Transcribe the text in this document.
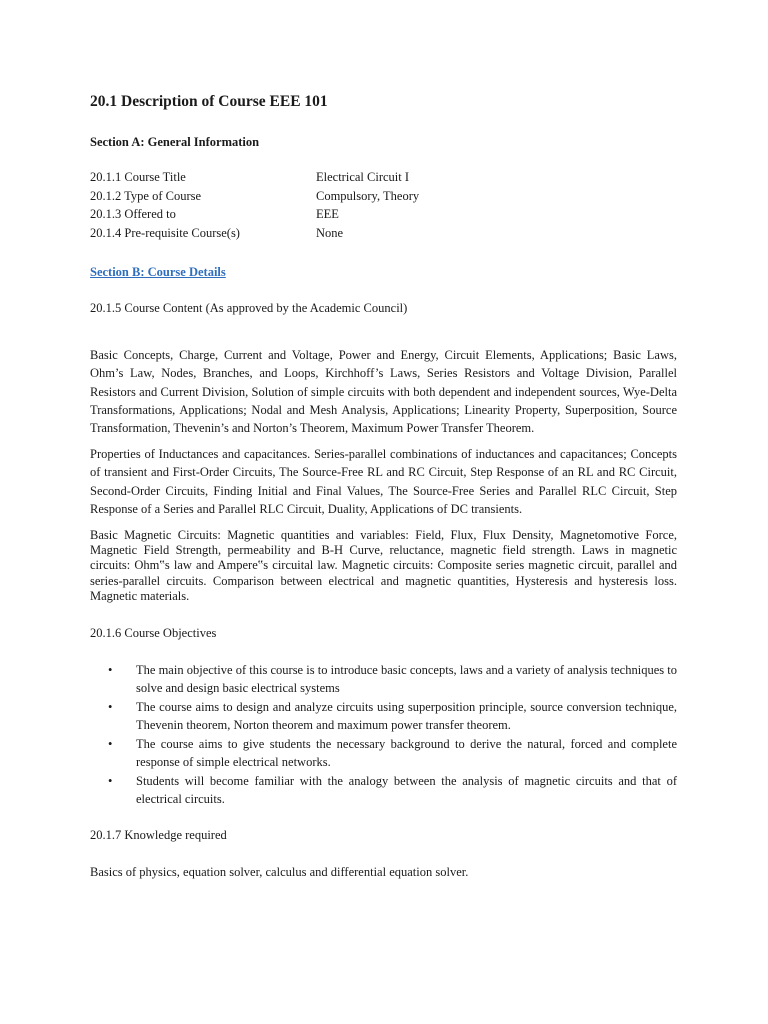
20.1 Description of Course EEE 101
Section A: General Information
20.1.1 Course Title	Electrical Circuit I
20.1.2 Type of Course	Compulsory, Theory
20.1.3 Offered to	EEE
20.1.4 Pre-requisite Course(s)	None
Section B: Course Details

20.1.5 Course Content (As approved by the Academic Council)

Basic Concepts, Charge, Current and Voltage, Power and Energy, Circuit Elements, Applications; Basic Laws, Ohm’s Law, Nodes, Branches, and Loops, Kirchhoff’s Laws, Series Resistors and Voltage Division, Parallel Resistors and Current Division, Solution of simple circuits with both dependent and independent sources, Wye-Delta Transformations, Applications; Nodal and Mesh Analysis, Applications; Linearity Property, Superposition, Source Transformation, Thevenin’s and Norton’s Theorem, Maximum Power Transfer Theorem.

Properties of Inductances and capacitances. Series-parallel combinations of inductances and capacitances; Concepts of transient and First-Order Circuits, The Source-Free RL and RC Circuit, Step Response of an RL and RC Circuit, Second-Order Circuits, Finding Initial and Final Values, The Source-Free Series and Parallel RLC Circuit, Step Response of a Series and Parallel RLC Circuit, Duality, Applications of DC transients.

Basic Magnetic Circuits: Magnetic quantities and variables: Field, Flux, Flux Density, Magnetomotive Force, Magnetic Field Strength, permeability and B-H Curve, reluctance, magnetic field strength. Laws in magnetic circuits: Ohm‟s law and Ampere‟s circuital law. Magnetic circuits: Composite series magnetic circuit, parallel and series-parallel circuits. Comparison between electrical and magnetic quantities, Hysteresis and hysteresis loss. Magnetic materials.

20.1.6 Course Objectives

• The main objective of this course is to introduce basic concepts, laws and a variety of analysis techniques to solve and design basic electrical systems
• The course aims to design and analyze circuits using superposition principle, source conversion technique, Thevenin theorem, Norton theorem and maximum power transfer theorem.
• The course aims to give students the necessary background to derive the natural, forced and complete response of simple electrical networks.
• Students will become familiar with the analogy between the analysis of magnetic circuits and that of electrical circuits.

20.1.7 Knowledge required

Basics of physics, equation solver, calculus and differential equation solver.
